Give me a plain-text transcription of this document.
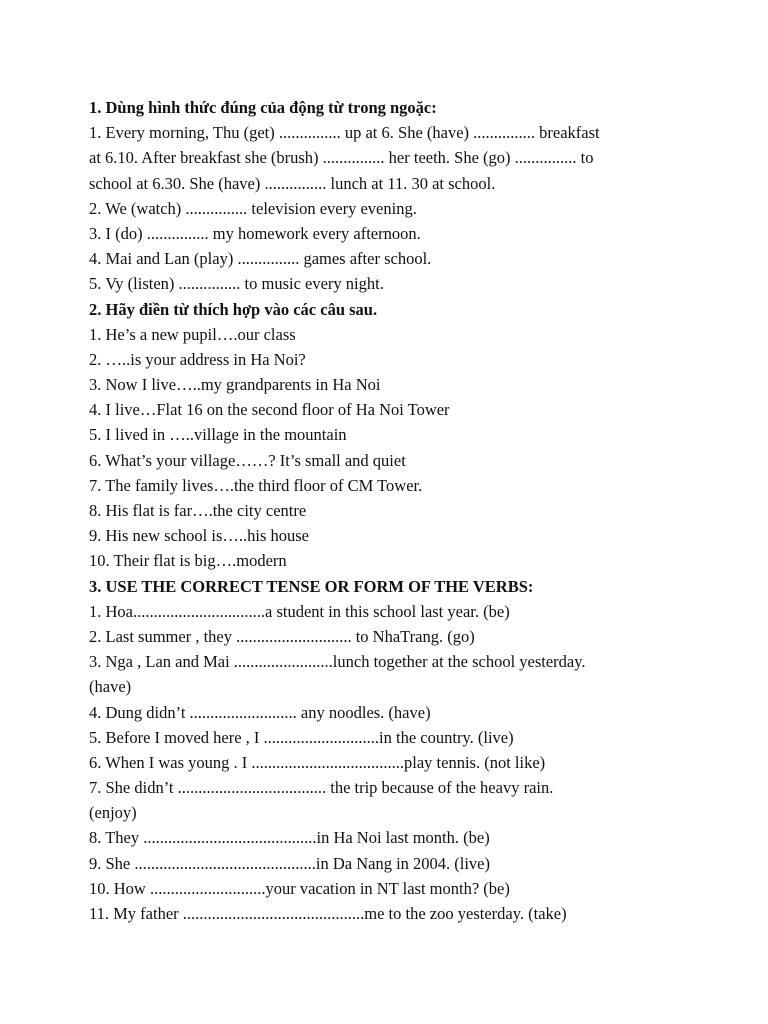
1. Dùng hình thức đúng của động từ trong ngoặc:
1. Every morning, Thu (get) ............... up at 6. She (have) ............... breakfast
at 6.10. After breakfast she (brush) ............... her teeth. She (go) ............... to
school at 6.30. She (have) ............... lunch at 11. 30 at school.
2. We (watch) ............... television every evening.
3. I (do) ............... my homework every afternoon.
4. Mai and Lan (play) ............... games after school.
5. Vy (listen) ............... to music every night.
2. Hãy điền từ thích hợp vào các câu sau.
1. He’s a new pupil….our class
2. …..is your address in Ha Noi?
3. Now I live…..my grandparents in Ha Noi
4. I live…Flat 16 on the second floor of Ha Noi Tower
5. I lived in …..village in the mountain
6. What’s your village……? It’s small and quiet
7. The family lives….the third floor of CM Tower.
8. His flat is far….the city centre
9. His new school is…..his house
10. Their flat is big….modern
3. USE THE CORRECT TENSE OR FORM OF THE VERBS:
1. Hoa................................a student in this school last year. (be)
2. Last summer , they ............................ to NhaTrang. (go)
3. Nga , Lan and Mai ........................lunch together at the school yesterday.
(have)
4. Dung didn’t .......................... any noodles. (have)
5. Before I moved here , I ............................in the country. (live)
6. When I was young . I .....................................play tennis. (not like)
7. She didn’t .................................... the trip because of the heavy rain.
(enjoy)
8. They ..........................................in Ha Noi last month. (be)
9. She ............................................in Da Nang in 2004. (live)
10. How ............................your vacation in NT last month? (be)
11. My father ............................................me to the zoo yesterday. (take)
